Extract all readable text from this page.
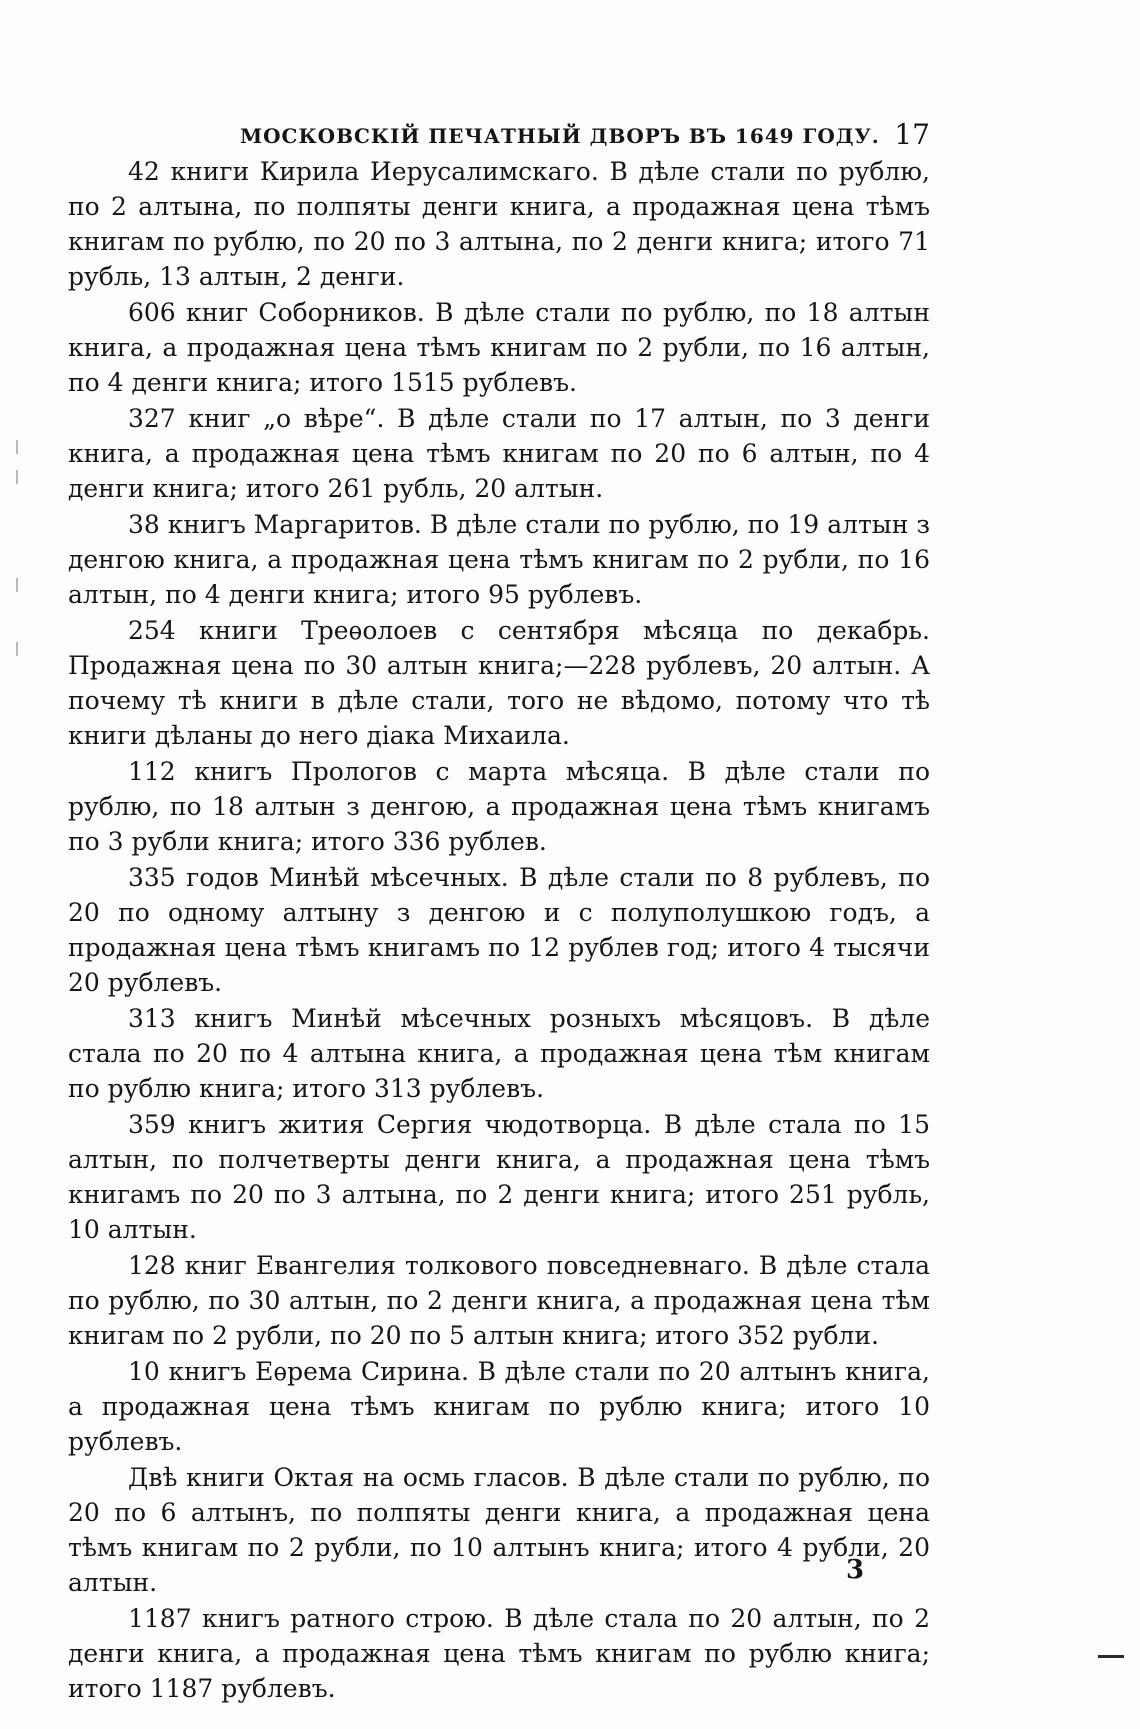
МОСКОВСКІЙ ПЕЧАТНЫЙ ДВОРЪ ВЪ 1649 ГОДУ. 17

42 книги Кирила Иерусалимскаго. В дѣле стали по рублю, по 2 алтына, по полпяты денги книга, а продажная цена тѣмъ книгам по рублю, по 20 по 3 алтына, по 2 денги книга; итого 71 рубль, 13 алтын, 2 денги.

606 книг Соборников. В дѣле стали по рублю, по 18 алтын книга, а продажная цена тѣмъ книгам по 2 рубли, по 16 алтын, по 4 денги книга; итого 1515 рублевъ.

327 книг „о вѣре“. В дѣле стали по 17 алтын, по 3 денги книга, а продажная цена тѣмъ книгам по 20 по 6 алтын, по 4 денги книга; итого 261 рубль, 20 алтын.

38 книгъ Маргаритов. В дѣле стали по рублю, по 19 алтын з денгою книга, а продажная цена тѣмъ книгам по 2 рубли, по 16 алтын, по 4 денги книга; итого 95 рублевъ.

254 книги Треѳолоев с сентября мѣсяца по декабрь. Продажная цена по 30 алтын книга;—228 рублевъ, 20 алтын. А почему тѣ книги в дѣле стали, того не вѣдомо, потому что тѣ книги дѣланы до него дiака Михаила.

112 книгъ Прологов с марта мѣсяца. В дѣле стали по рублю, по 18 алтын з денгою, а продажная цена тѣмъ книгамъ по 3 рубли книга; итого 336 рублев.

335 годов Минѣй мѣсечных. В дѣле стали по 8 рублевъ, по 20 по одному алтыну з денгою и с полуполушкою годъ, а продажная цена тѣмъ книгамъ по 12 рублев год; итого 4 тысячи 20 рублевъ.

313 книгъ Минѣй мѣсечных розныхъ мѣсяцовъ. В дѣле стала по 20 по 4 алтына книга, а продажная цена тѣм книгам по рублю книга; итого 313 рублевъ.

359 книгъ жития Сергия чюдотворца. В дѣле стала по 15 алтын, по полчетверты денги книга, а продажная цена тѣмъ книгамъ по 20 по 3 алтына, по 2 денги книга; итого 251 рубль, 10 алтын.

128 книг Евангелия толкового повседневнаго. В дѣле стала по рублю, по 30 алтын, по 2 денги книга, а продажная цена тѣм книгам по 2 рубли, по 20 по 5 алтын книга; итого 352 рубли.

10 книгъ Еѳрема Сирина. В дѣле стали по 20 алтынъ книга, а продажная цена тѣмъ книгам по рублю книга; итого 10 рублевъ.

Двѣ книги Октая на осмь гласов. В дѣле стали по рублю, по 20 по 6 алтынъ, по полпяты денги книга, а продажная цена тѣмъ книгам по 2 рубли, по 10 алтынъ книга; итого 4 рубли, 20 алтын.

1187 книгъ ратного строю. В дѣле стала по 20 алтын, по 2 денги книга, а продажная цена тѣмъ книгам по рублю книга; итого 1187 рублевъ.

3
